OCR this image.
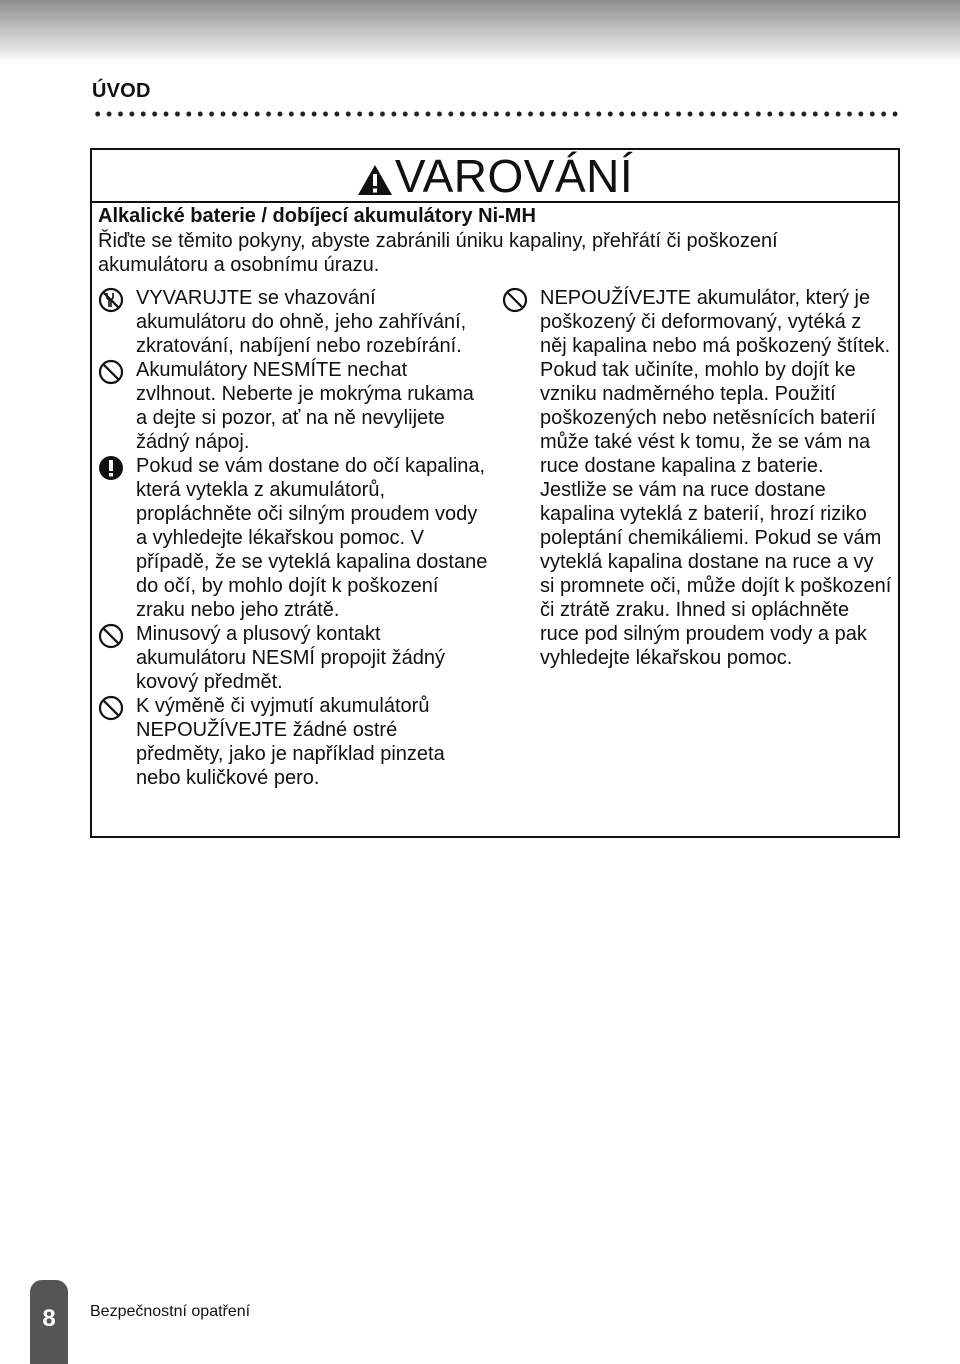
ÚVOD
VAROVÁNÍ
Alkalické baterie / dobíjecí akumulátory Ni-MH
Řiďte se těmito pokyny, abyste zabránili úniku kapaliny, přehřátí či poškození akumulátoru a osobnímu úrazu.
VYVARUJTE se vhazování akumulátoru do ohně, jeho zahřívání, zkratování, nabíjení nebo rozebírání.
Akumulátory NESMÍTE nechat zvlhnout. Neberte je mokrýma rukama a dejte si pozor, ať na ně nevylijete žádný nápoj.
Pokud se vám dostane do očí kapalina, která vytekla z akumulátorů, propláchněte oči silným proudem vody a vyhledejte lékařskou pomoc. V případě, že se vyteklá kapalina dostane do očí, by mohlo dojít k poškození zraku nebo jeho ztrátě.
Minusový a plusový kontakt akumulátoru NESMÍ propojit žádný kovový předmět.
K výměně či vyjmutí akumulátorů NEPOUŽÍVEJTE žádné ostré předměty, jako je například pinzeta nebo kuličkové pero.
NEPOUŽÍVEJTE akumulátor, který je poškozený či deformovaný, vytéká z něj kapalina nebo má poškozený štítek. Pokud tak učiníte, mohlo by dojít ke vzniku nadměrného tepla. Použití poškozených nebo netěsnících baterií může také vést k tomu, že se vám na ruce dostane kapalina z baterie. Jestliže se vám na ruce dostane kapalina vyteklá z baterií, hrozí riziko poleptání chemikáliemi. Pokud se vám vyteklá kapalina dostane na ruce a vy si promnete oči, může dojít k poškození či ztrátě zraku. Ihned si opláchněte ruce pod silným proudem vody a pak vyhledejte lékařskou pomoc.
8 Bezpečnostní opatření
